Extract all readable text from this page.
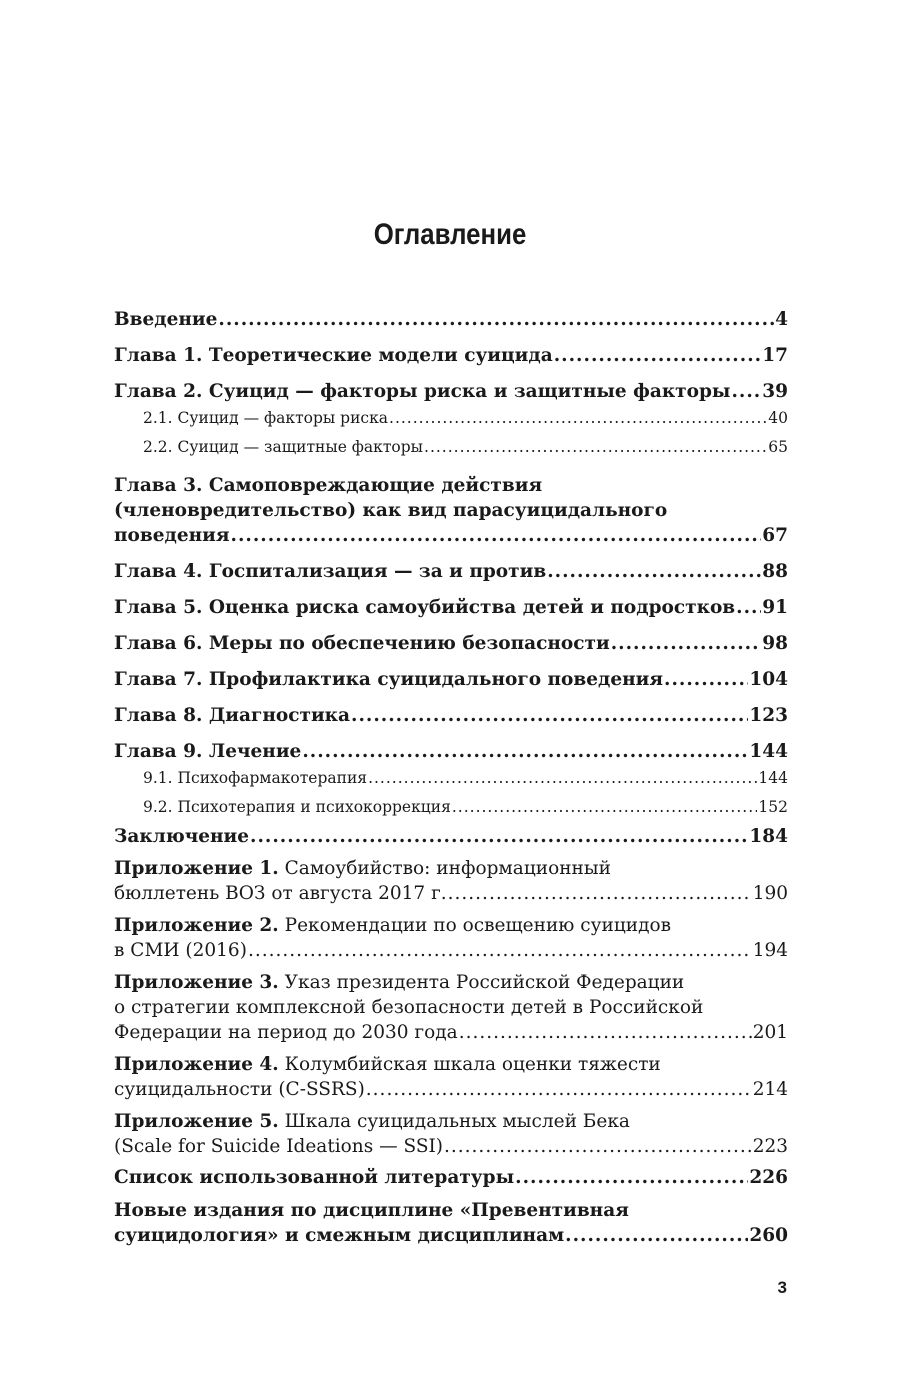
Оглавление
Введение .....	4
Глава 1. Теоретические модели суицида .....	17
Глава 2. Суицид — факторы риска и защитные факторы ..... 39
2.1. Суицид — факторы риска .....	40
2.2. Суицид — защитные факторы .....	65
Глава 3. Самоповреждающие действия
(членовредительство) как вид парасуицидального
поведения .....	67
Глава 4. Госпитализация — за и против .....	88
Глава 5. Оценка риска самоубийства детей и подростков ..... 91
Глава 6. Меры по обеспечению безопасности .....	98
Глава 7. Профилактика суицидального поведения .....	104
Глава 8. Диагностика .....	123
Глава 9. Лечение .....	144
9.1. Психофармакотерапия .....	144
9.2. Психотерапия и психокоррекция .....	152
Заключение .....	184
Приложение 1. Самоубийство: информационный
бюллетень ВОЗ от августа 2017 г. .....	190
Приложение 2. Рекомендации по освещению суицидов
в СМИ (2016) .....	194
Приложение 3. Указ президента Российской Федерации
о стратегии комплексной безопасности детей в Российской
Федерации на период до 2030 года .....	201
Приложение 4. Колумбийская шкала оценки тяжести
суицидальности (C-SSRS) .....	214
Приложение 5. Шкала суицидальных мыслей Бека
(Scale for Suicide Ideations — SSI) .....	223
Список использованной литературы .....	226
Новые издания по дисциплине «Превентивная
суицидология» и смежным дисциплинам .....	260
3
